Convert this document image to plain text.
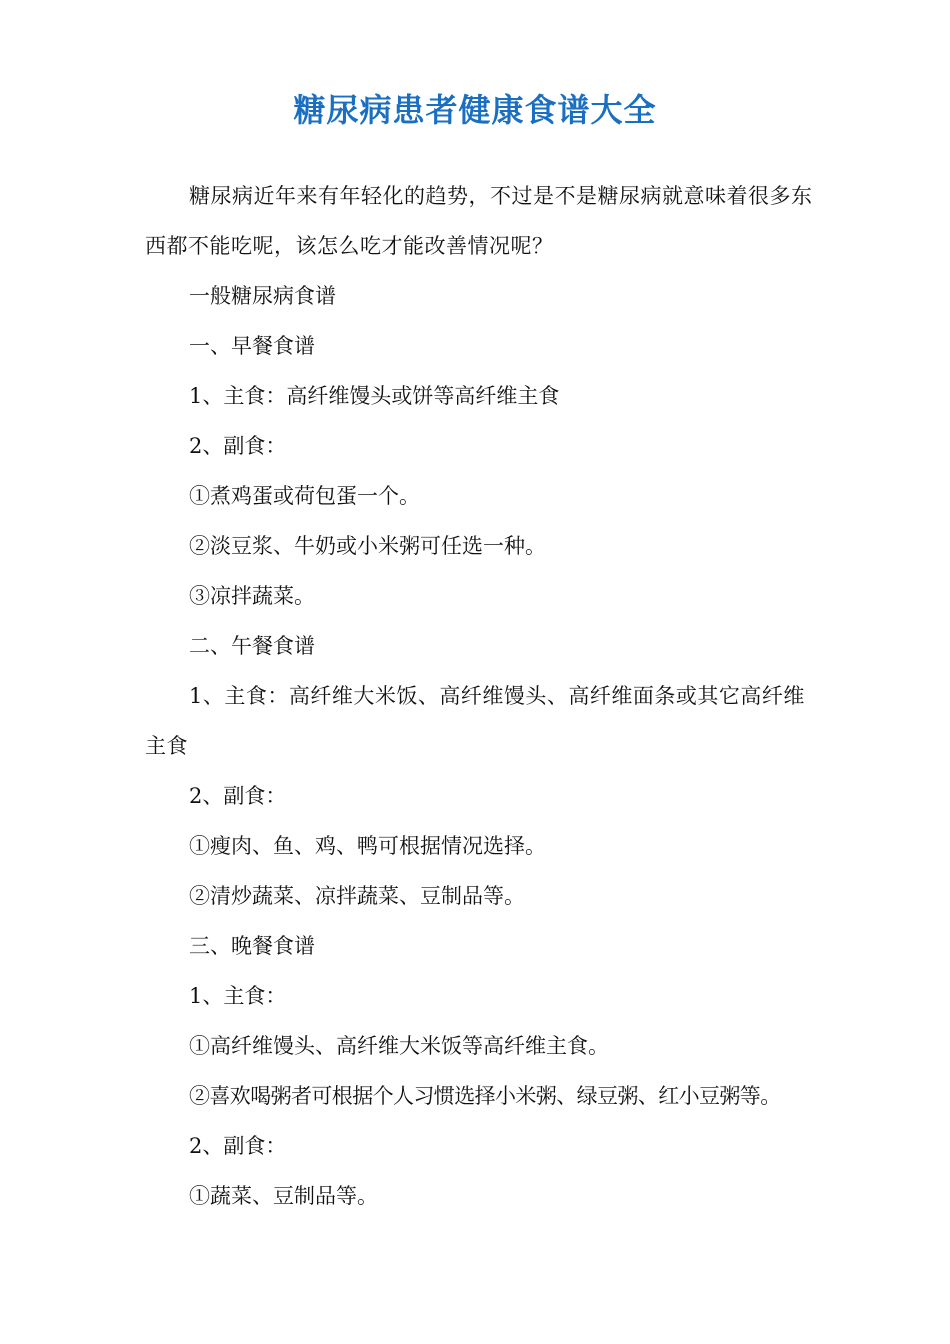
糖尿病患者健康食谱大全

糖尿病近年来有年轻化的趋势，不过是不是糖尿病就意味着很多东西都不能吃呢，该怎么吃才能改善情况呢？

一般糖尿病食谱

一、早餐食谱

1、主食：高纤维馒头或饼等高纤维主食

2、副食：

①煮鸡蛋或荷包蛋一个。

②淡豆浆、牛奶或小米粥可任选一种。

③凉拌蔬菜。

二、午餐食谱

1、主食：高纤维大米饭、高纤维馒头、高纤维面条或其它高纤维主食

2、副食：

①瘦肉、鱼、鸡、鸭可根据情况选择。

②清炒蔬菜、凉拌蔬菜、豆制品等。

三、晚餐食谱

1、主食：

①高纤维馒头、高纤维大米饭等高纤维主食。

②喜欢喝粥者可根据个人习惯选择小米粥、绿豆粥、红小豆粥等。

2、副食：

①蔬菜、豆制品等。
